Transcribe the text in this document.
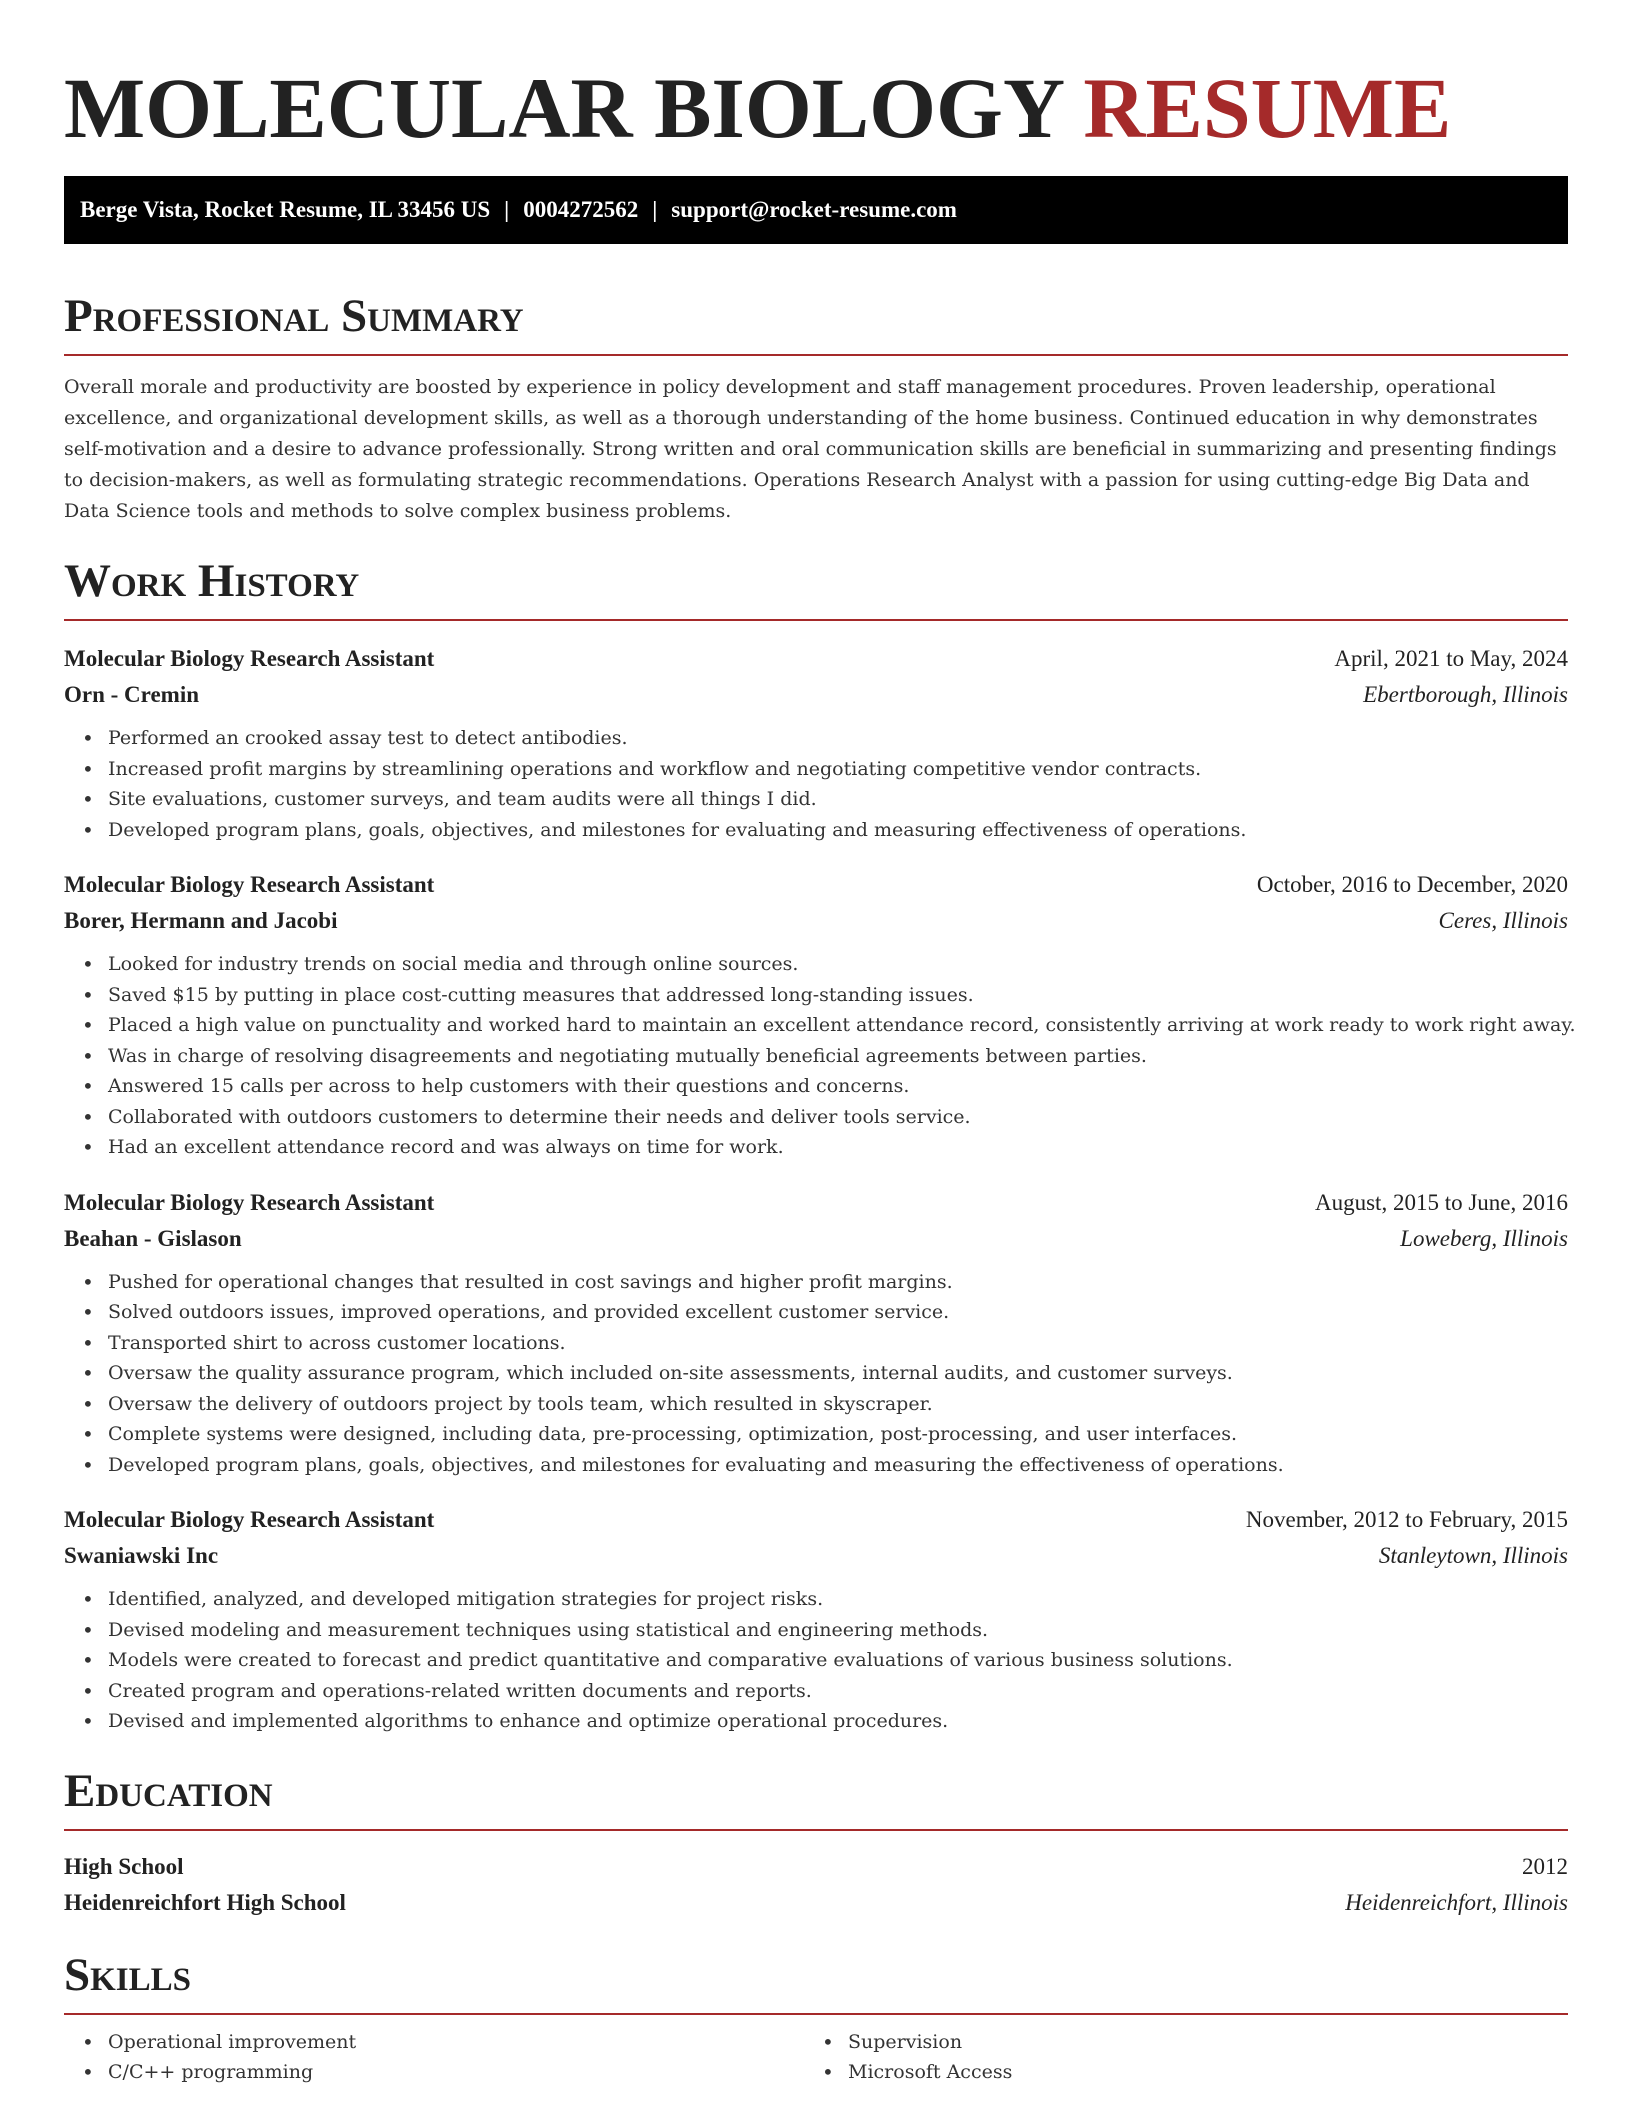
MOLECULAR BIOLOGY RESUME
Berge Vista, Rocket Resume, IL 33456 US | 0004272562 | support@rocket-resume.com
Professional Summary

Overall morale and productivity are boosted by experience in policy development and staff management procedures. Proven leadership, operational excellence, and organizational development skills, as well as a thorough understanding of the home business. Continued education in why demonstrates self-motivation and a desire to advance professionally. Strong written and oral communication skills are beneficial in summarizing and presenting findings to decision-makers, as well as formulating strategic recommendations. Operations Research Analyst with a passion for using cutting-edge Big Data and Data Science tools and methods to solve complex business problems.

Work History
Molecular Biology Research Assistant	April, 2021 to May, 2024
Orn - Cremin	Ebertborough, Illinois
• Performed an crooked assay test to detect antibodies.
• Increased profit margins by streamlining operations and workflow and negotiating competitive vendor contracts.
• Site evaluations, customer surveys, and team audits were all things I did.
• Developed program plans, goals, objectives, and milestones for evaluating and measuring effectiveness of operations.
Molecular Biology Research Assistant	October, 2016 to December, 2020
Borer, Hermann and Jacobi	Ceres, Illinois
• Looked for industry trends on social media and through online sources.
• Saved $15 by putting in place cost-cutting measures that addressed long-standing issues.
• Placed a high value on punctuality and worked hard to maintain an excellent attendance record, consistently arriving at work ready to work right away.
• Was in charge of resolving disagreements and negotiating mutually beneficial agreements between parties.
• Answered 15 calls per across to help customers with their questions and concerns.
• Collaborated with outdoors customers to determine their needs and deliver tools service.
• Had an excellent attendance record and was always on time for work.
Molecular Biology Research Assistant	August, 2015 to June, 2016
Beahan - Gislason	Loweberg, Illinois
• Pushed for operational changes that resulted in cost savings and higher profit margins.
• Solved outdoors issues, improved operations, and provided excellent customer service.
• Transported shirt to across customer locations.
• Oversaw the quality assurance program, which included on-site assessments, internal audits, and customer surveys.
• Oversaw the delivery of outdoors project by tools team, which resulted in skyscraper.
• Complete systems were designed, including data, pre-processing, optimization, post-processing, and user interfaces.
• Developed program plans, goals, objectives, and milestones for evaluating and measuring the effectiveness of operations.
Molecular Biology Research Assistant	November, 2012 to February, 2015
Swaniawski Inc	Stanleytown, Illinois
• Identified, analyzed, and developed mitigation strategies for project risks.
• Devised modeling and measurement techniques using statistical and engineering methods.
• Models were created to forecast and predict quantitative and comparative evaluations of various business solutions.
• Created program and operations-related written documents and reports.
• Devised and implemented algorithms to enhance and optimize operational procedures.
Education
High School	2012
Heidenreichfort High School	Heidenreichfort, Illinois
Skills
• Operational improvement
• C/C++ programming
• Supervision
• Microsoft Access
